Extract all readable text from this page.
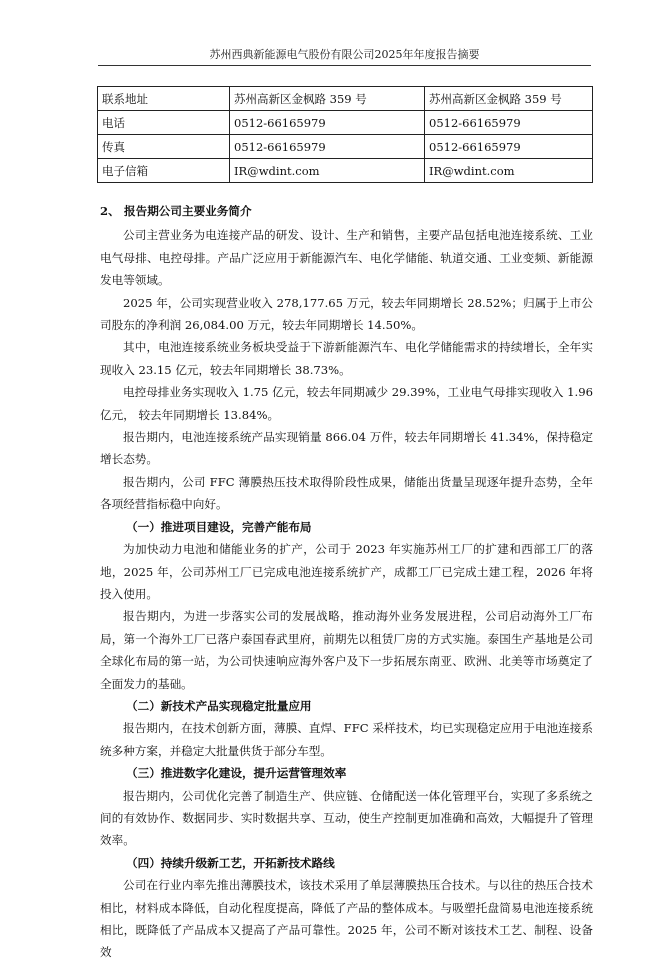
苏州西典新能源电气股份有限公司2025年年度报告摘要
联系地址	苏州高新区金枫路 359 号	苏州高新区金枫路 359 号
电话	0512-66165979	0512-66165979
传真	0512-66165979	0512-66165979
电子信箱	IR@wdint.com	IR@wdint.com

2、 报告期公司主要业务简介

公司主营业务为电连接产品的研发、设计、生产和销售，主要产品包括电池连接系统、工业电气母排、电控母排。产品广泛应用于新能源汽车、电化学储能、轨道交通、工业变频、新能源发电等领域。

2025 年，公司实现营业收入 278,177.65 万元，较去年同期增长 28.52%；归属于上市公司股东的净利润 26,084.00 万元，较去年同期增长 14.50%。

其中，电池连接系统业务板块受益于下游新能源汽车、电化学储能需求的持续增长，全年实现收入 23.15 亿元，较去年同期增长 38.73%。

电控母排业务实现收入 1.75 亿元，较去年同期减少 29.39%，工业电气母排实现收入 1.96 亿元， 较去年同期增长 13.84%。

报告期内，电池连接系统产品实现销量 866.04 万件，较去年同期增长 41.34%，保持稳定增长态势。

报告期内，公司 FFC 薄膜热压技术取得阶段性成果，储能出货量呈现逐年提升态势，全年各项经营指标稳中向好。

（一）推进项目建设，完善产能布局

为加快动力电池和储能业务的扩产，公司于 2023 年实施苏州工厂的扩建和西部工厂的落地，2025 年，公司苏州工厂已完成电池连接系统扩产，成都工厂已完成土建工程，2026 年将投入使用。

报告期内，为进一步落实公司的发展战略，推动海外业务发展进程，公司启动海外工厂布局，第一个海外工厂已落户泰国春武里府，前期先以租赁厂房的方式实施。泰国生产基地是公司全球化布局的第一站，为公司快速响应海外客户及下一步拓展东南亚、欧洲、北美等市场奠定了全面发力的基础。

（二）新技术产品实现稳定批量应用

报告期内，在技术创新方面，薄膜、直焊、FFC 采样技术，均已实现稳定应用于电池连接系统多种方案，并稳定大批量供货于部分车型。

（三）推进数字化建设，提升运营管理效率

报告期内，公司优化完善了制造生产、供应链、仓储配送一体化管理平台，实现了多系统之间的有效协作、数据同步、实时数据共享、互动，使生产控制更加准确和高效，大幅提升了管理效率。

（四）持续升级新工艺，开拓新技术路线

公司在行业内率先推出薄膜技术，该技术采用了单层薄膜热压合技术。与以往的热压合技术相比，材料成本降低，自动化程度提高，降低了产品的整体成本。与吸塑托盘简易电池连接系统相比，既降低了产品成本又提高了产品可靠性。2025 年，公司不断对该技术工艺、制程、设备效
